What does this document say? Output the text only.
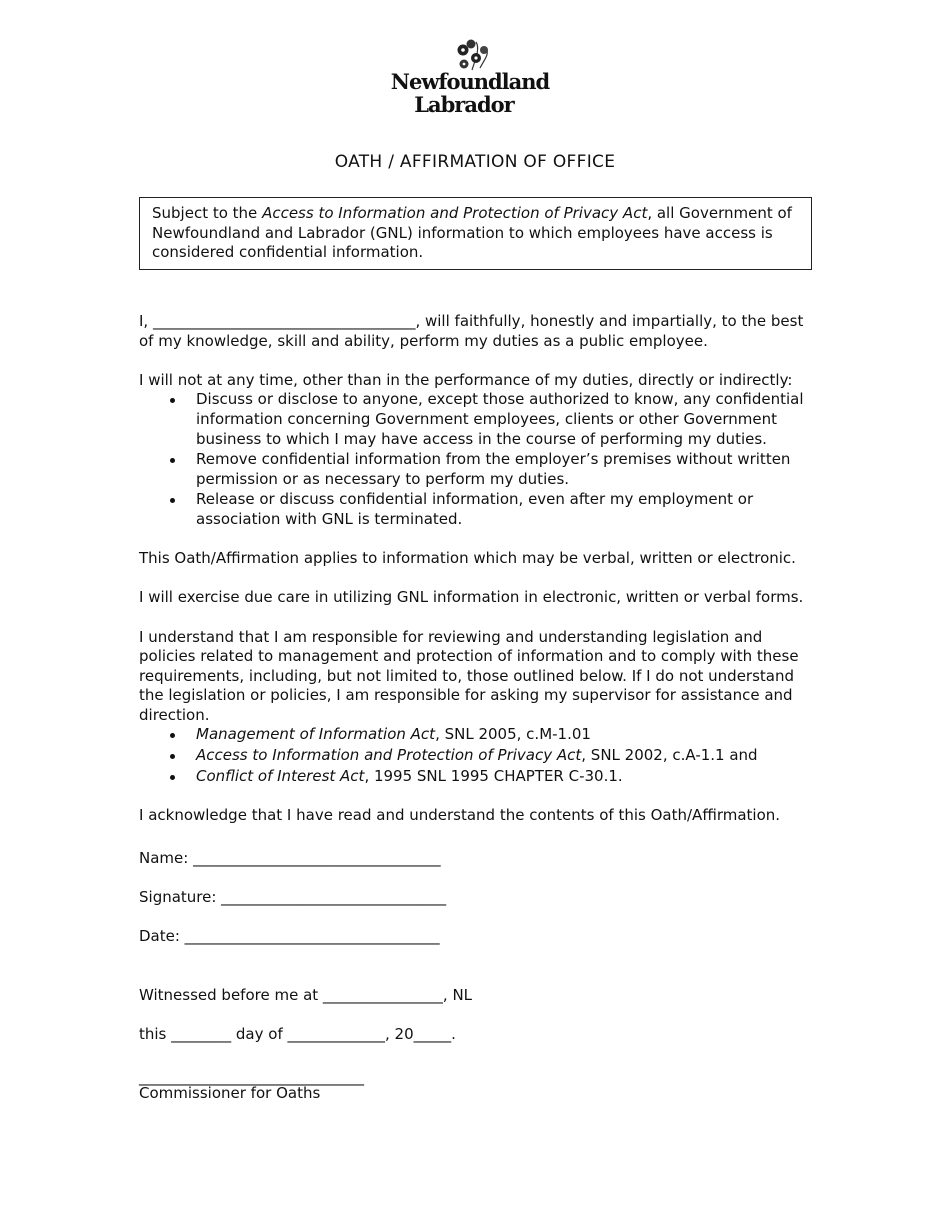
Newfoundland
Labrador
OATH / AFFIRMATION OF OFFICE
Subject to the Access to Information and Protection of Privacy Act, all Government of Newfoundland and Labrador (GNL) information to which employees have access is considered confidential information.

I, ___________________________________, will faithfully, honestly and impartially, to the best of my knowledge, skill and ability, perform my duties as a public employee.

I will not at any time, other than in the performance of my duties, directly or indirectly:

Discuss or disclose to anyone, except those authorized to know, any confidential information concerning Government employees, clients or other Government business to which I may have access in the course of performing my duties.
Remove confidential information from the employer’s premises without written permission or as necessary to perform my duties.
Release or discuss confidential information, even after my employment or association with GNL is terminated.

This Oath/Affirmation applies to information which may be verbal, written or electronic.

I will exercise due care in utilizing GNL information in electronic, written or verbal forms.

I understand that I am responsible for reviewing and understanding legislation and policies related to management and protection of information and to comply with these requirements, including, but not limited to, those outlined below. If I do not understand the legislation or policies, I am responsible for asking my supervisor for assistance and direction.

Management of Information Act, SNL 2005, c.M-1.01
Access to Information and Protection of Privacy Act, SNL 2002, c.A-1.1 and
Conflict of Interest Act, 1995 SNL 1995 CHAPTER C-30.1.

I acknowledge that I have read and understand the contents of this Oath/Affirmation.

Name: _________________________________
Signature: ______________________________
Date: __________________________________
Witnessed before me at ________________, NL
this ________ day of _____________, 20_____.
______________________________
Commissioner for Oaths
